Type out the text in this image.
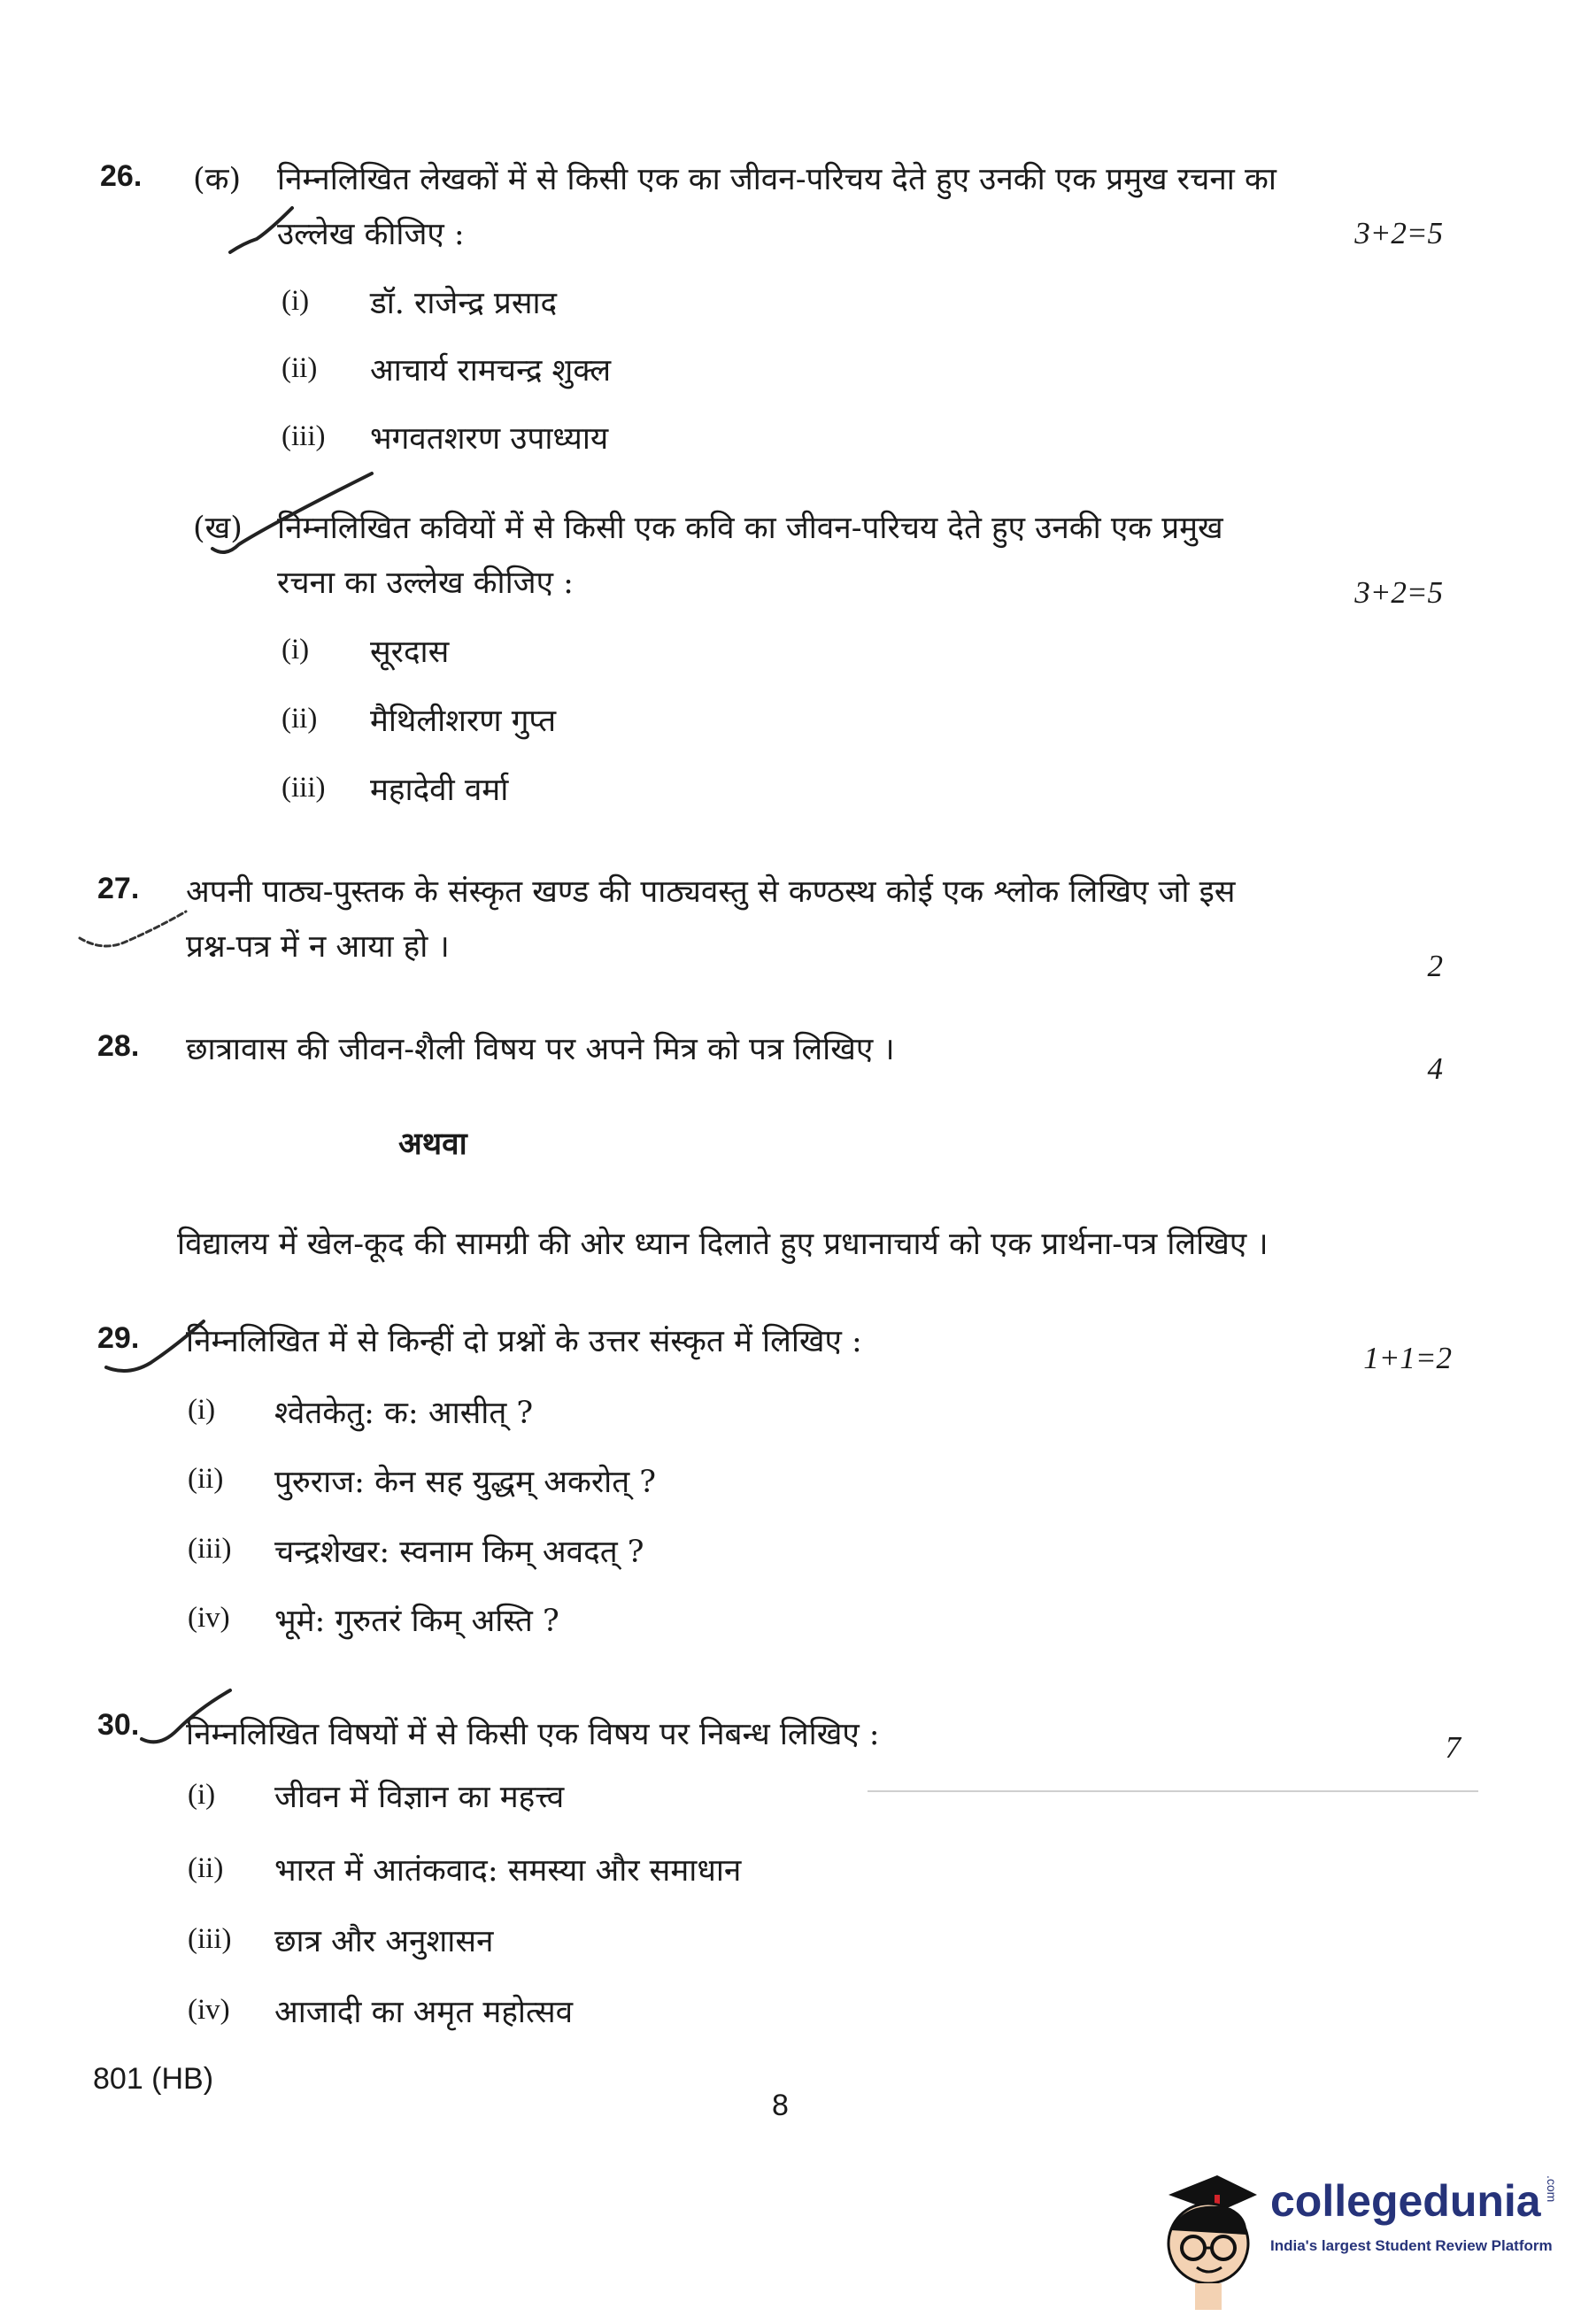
26. (क) निम्नलिखित लेखकों में से किसी एक का जीवन-परिचय देते हुए उनकी एक प्रमुख रचना का
उल्लेख कीजिए :	3+2=5
(i) डॉ. राजेन्द्र प्रसाद
(ii) आचार्य रामचन्द्र शुक्ल
(iii) भगवतशरण उपाध्याय
(ख) निम्नलिखित कवियों में से किसी एक कवि का जीवन-परिचय देते हुए उनकी एक प्रमुख
रचना का उल्लेख कीजिए :	3+2=5
(i) सूरदास
(ii) मैथिलीशरण गुप्त
(iii) महादेवी वर्मा
27. अपनी पाठ्य-पुस्तक के संस्कृत खण्ड की पाठ्यवस्तु से कण्ठस्थ कोई एक श्लोक लिखिए जो इस
प्रश्न-पत्र में न आया हो ।
2
28. छात्रावास की जीवन-शैली विषय पर अपने मित्र को पत्र लिखिए ।
4
अथवा
विद्यालय में खेल-कूद की सामग्री की ओर ध्यान दिलाते हुए प्रधानाचार्य को एक प्रार्थना-पत्र लिखिए ।
29. निम्नलिखित में से किन्हीं दो प्रश्नों के उत्तर संस्कृत में लिखिए :	1+1=2
(i) श्वेतकेतु: क: आसीत् ?
(ii) पुरुराज: केन सह युद्धम् अकरोत् ?
(iii) चन्द्रशेखर: स्वनाम किम् अवदत् ?
(iv) भूमे: गुरुतरं किम् अस्ति ?
30. निम्नलिखित विषयों में से किसी एक विषय पर निबन्ध लिखिए :	7
(i) जीवन में विज्ञान का महत्त्व
(ii) भारत में आतंकवाद: समस्या और समाधान
(iii) छात्र और अनुशासन
(iv) आजादी का अमृत महोत्सव
801 (HB)
8
collegedunia .com
India's largest Student Review Platform
